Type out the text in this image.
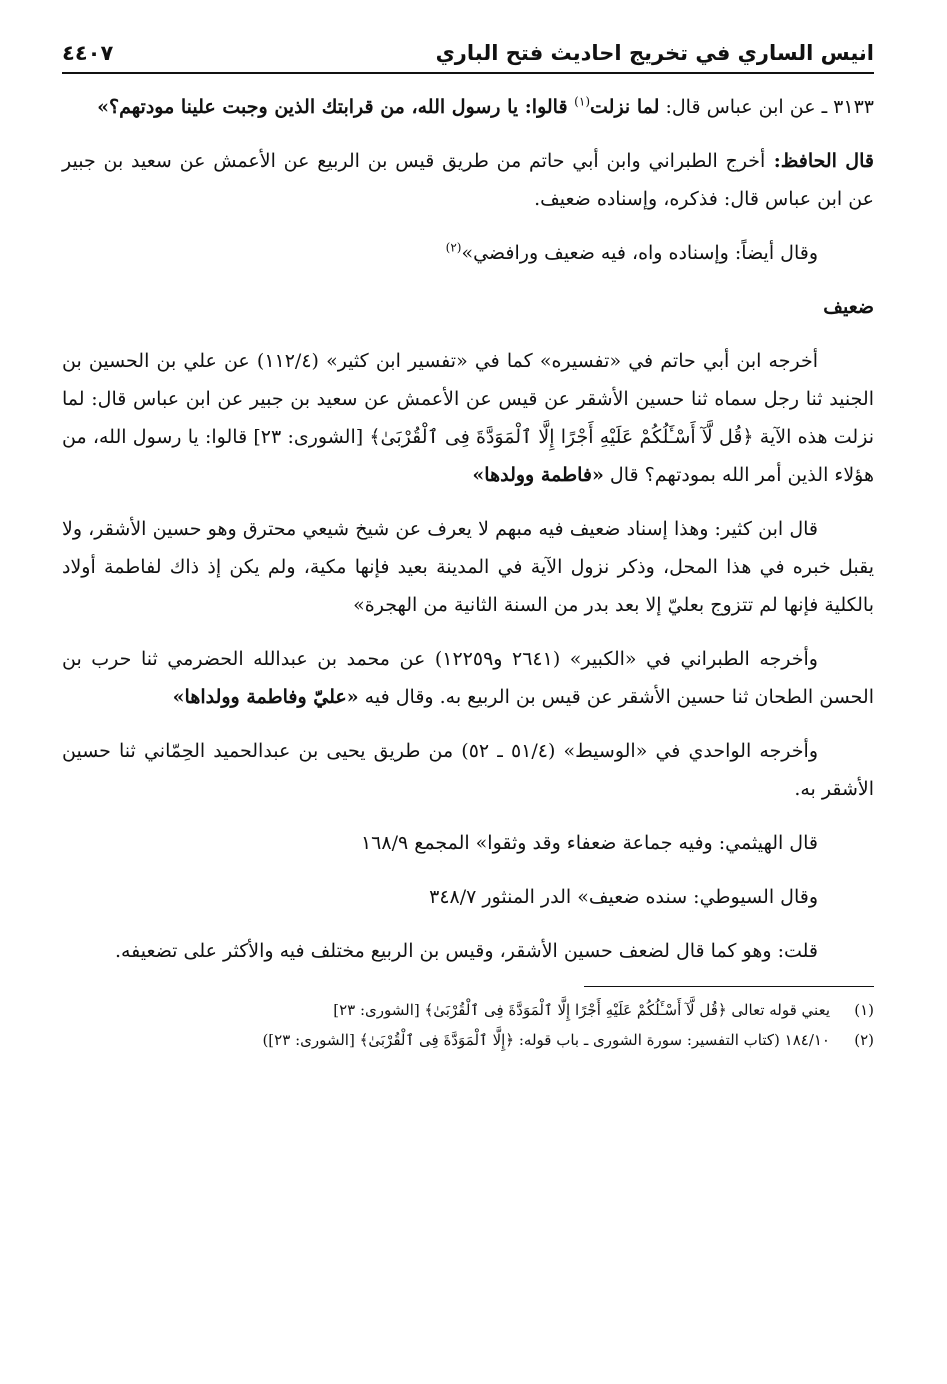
انيس الساري في تخريج احاديث فتح الباري
٤٤٠٧

٣١٣٣ ـ عن ابن عباس قال: لما نزلت$^{(١)}$ قالوا: يا رسول الله، من قرابتك الذين وجبت علينا مودتهم؟»

قال الحافظ: أخرج الطبراني وابن أبي حاتم من طريق قيس بن الربيع عن الأعمش عن سعيد بن جبير عن ابن عباس قال: فذكره، وإسناده ضعيف.

وقال أيضاً: وإسناده واه، فيه ضعيف ورافضي»$^{(٢)}$

ضعيف

أخرجه ابن أبي حاتم في «تفسيره» كما في «تفسير ابن كثير» (١١٢/٤) عن علي بن الحسين بن الجنيد ثنا رجل سماه ثنا حسين الأشقر عن قيس عن الأعمش عن سعيد بن جبير عن ابن عباس قال: لما نزلت هذه الآية ﴿قُل لَّآ أَسْـَٔلُكُمْ عَلَيْهِ أَجْرًا إِلَّا ٱلْمَوَدَّةَ فِى ٱلْقُرْبَىٰ﴾ [الشورى: ٢٣] قالوا: يا رسول الله، من هؤلاء الذين أمر الله بمودتهم؟ قال «فاطمة وولدها»

قال ابن كثير: وهذا إسناد ضعيف فيه مبهم لا يعرف عن شيخ شيعي محترق وهو حسين الأشقر، ولا يقبل خبره في هذا المحل، وذكر نزول الآية في المدينة بعيد فإنها مكية، ولم يكن إذ ذاك لفاطمة أولاد بالكلية فإنها لم تتزوج بعليّ إلا بعد بدر من السنة الثانية من الهجرة»

وأخرجه الطبراني في «الكبير» (٢٦٤١ و١٢٢٥٩) عن محمد بن عبدالله الحضرمي ثنا حرب بن الحسن الطحان ثنا حسين الأشقر عن قيس بن الربيع به. وقال فيه «عليّ وفاطمة وولداها»

وأخرجه الواحدي في «الوسيط» (٥١/٤ ـ ٥٢) من طريق يحيى بن عبدالحميد الحِمّاني ثنا حسين الأشقر به.

قال الهيثمي: وفيه جماعة ضعفاء وقد وثقوا» المجمع ١٦٨/٩

وقال السيوطي: سنده ضعيف» الدر المنثور ٣٤٨/٧

قلت: وهو كما قال لضعف حسين الأشقر، وقيس بن الربيع مختلف فيه والأكثر على تضعيفه.

(١)
يعني قوله تعالى ﴿قُل لَّآ أَسْـَٔلُكُمْ عَلَيْهِ أَجْرًا إِلَّا ٱلْمَوَدَّةَ فِى ٱلْقُرْبَىٰ﴾ [الشورى: ٢٣]
(٢)
١٨٤/١٠ (كتاب التفسير: سورة الشورى ـ باب قوله: ﴿إِلَّا ٱلْمَوَدَّةَ فِى ٱلْقُرْبَىٰ﴾ [الشورى: ٢٣])
